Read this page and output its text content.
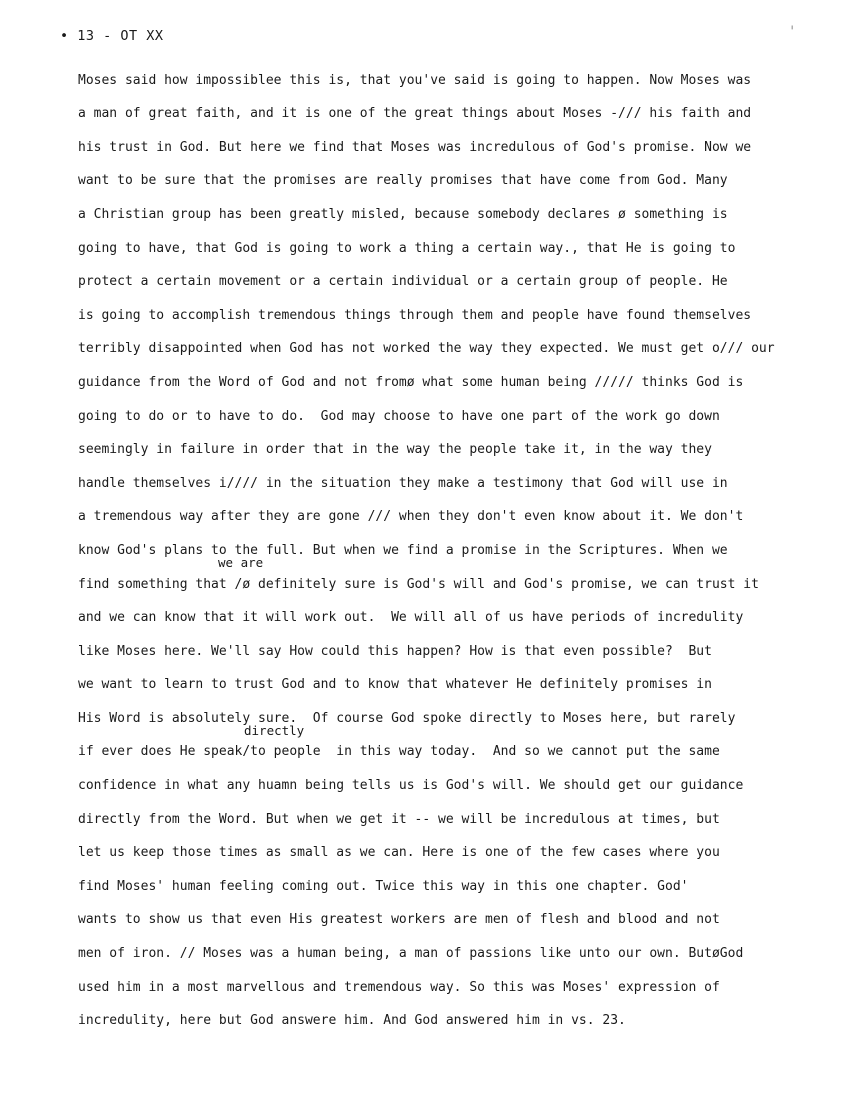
• 13 - OT XX	'
Moses said how impossiblee this is, that you've said is going to happen. Now Moses was
a man of great faith, and it is one of the great things about Moses -/// his faith and
his trust in God. But here we find that Moses was incredulous of God's promise. Now we
want to be sure that the promises are really promises that have come from God. Many
a Christian group has been greatly misled, because somebody declares ø something is
going to have, that God is going to work a thing a certain way., that He is going to
protect a certain movement or a certain individual or a certain group of people. He
is going to accomplish tremendous things through them and people have found themselves
terribly disappointed when God has not worked the way they expected. We must get o/// our
guidance from the Word of God and not fromø what some human being ///// thinks God is
going to do or to have to do.  God may choose to have one part of the work go down
seemingly in failure in order that in the way the people take it, in the way they
handle themselves i//// in the situation they make a testimony that God will use in
a tremendous way after they are gone /// when they don't even know about it. We don't
know God's plans to the full. But when we find a promise in the Scriptures. When we

we are

find something that /ø definitely sure is God's will and God's promise, we can trust it

and we can know that it will work out.  We will all of us have periods of incredulity
like Moses here. We'll say How could this happen? How is that even possible?  But
we want to learn to trust God and to know that whatever He definitely promises in
His Word is absolutely sure.  Of course God spoke directly to Moses here, but rarely

directly

if ever does He speak/to people  in this way today.  And so we cannot put the same

confidence in what any huamn being tells us is God's will. We should get our guidance
directly from the Word. But when we get it -- we will be incredulous at times, but
let us keep those times as small as we can. Here is one of the few cases where you
find Moses' human feeling coming out. Twice this way in this one chapter. God'
wants to show us that even His greatest workers are men of flesh and blood and not
men of iron. // Moses was a human being, a man of passions like unto our own. ButøGod
used him in a most marvellous and tremendous way. So this was Moses' expression of
incredulity, here but God answere him. And God answered him in vs. 23.
